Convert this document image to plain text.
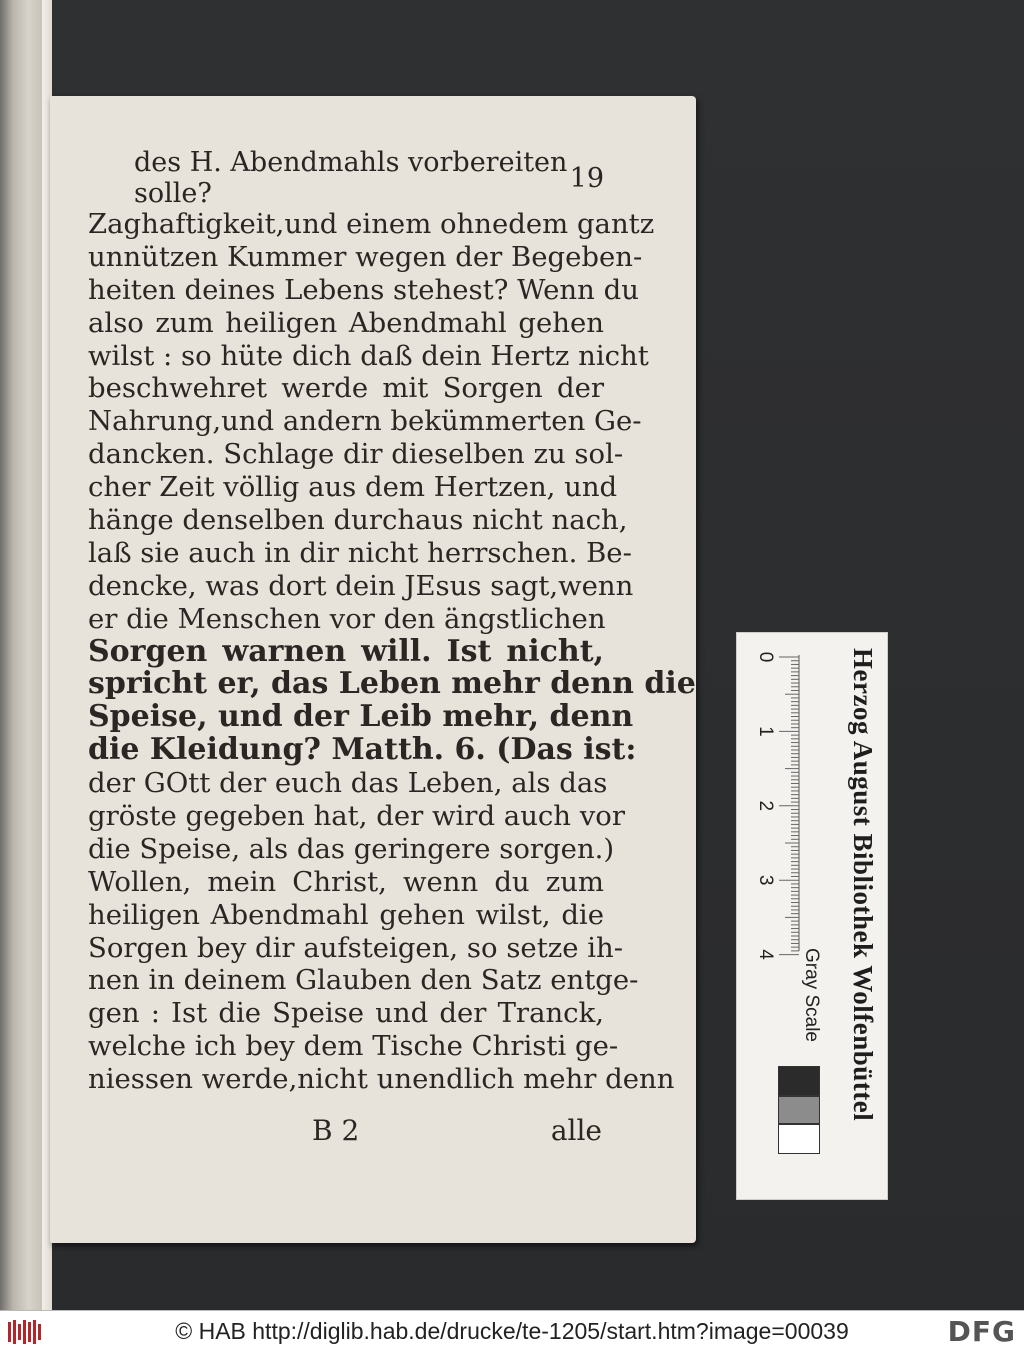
des H. Abendmahls vorbereiten solle?	19
Zaghaftigkeit,und einem ohnedem gantz
unnützen Kummer wegen der Begeben-
heiten deines Lebens stehest? Wenn du
also zum heiligen Abendmahl gehen
wilst : so hüte dich daß dein Hertz nicht
beschwehret werde mit Sorgen der
Nahrung,und andern bekümmerten Ge-
dancken. Schlage dir dieselben zu sol-
cher Zeit völlig aus dem Hertzen, und
hänge denselben durchaus nicht nach,
laß sie auch in dir nicht herrschen. Be-
dencke, was dort dein JEsus sagt,wenn
er die Menschen vor den ängstlichen
Sorgen warnen will. Ist nicht,
spricht er, das Leben mehr denn die
Speise, und der Leib mehr, denn
die Kleidung? Matth. 6. (Das ist:
der GOtt der euch das Leben, als das
gröste gegeben hat, der wird auch vor
die Speise, als das geringere sorgen.)
Wollen, mein Christ, wenn du zum
heiligen Abendmahl gehen wilst, die
Sorgen bey dir aufsteigen, so setze ih-
nen in deinem Glauben den Satz entge-
gen : Ist die Speise und der Tranck,
welche ich bey dem Tische Christi ge-
niessen werde,nicht unendlich mehr denn
B 2	alle
0
1
2
3
4	Herzog August Bibliothek Wolfenbüttel
Gray Scale
© HAB http://diglib.hab.de/drucke/te-1205/start.htm?image=00039	DFG
